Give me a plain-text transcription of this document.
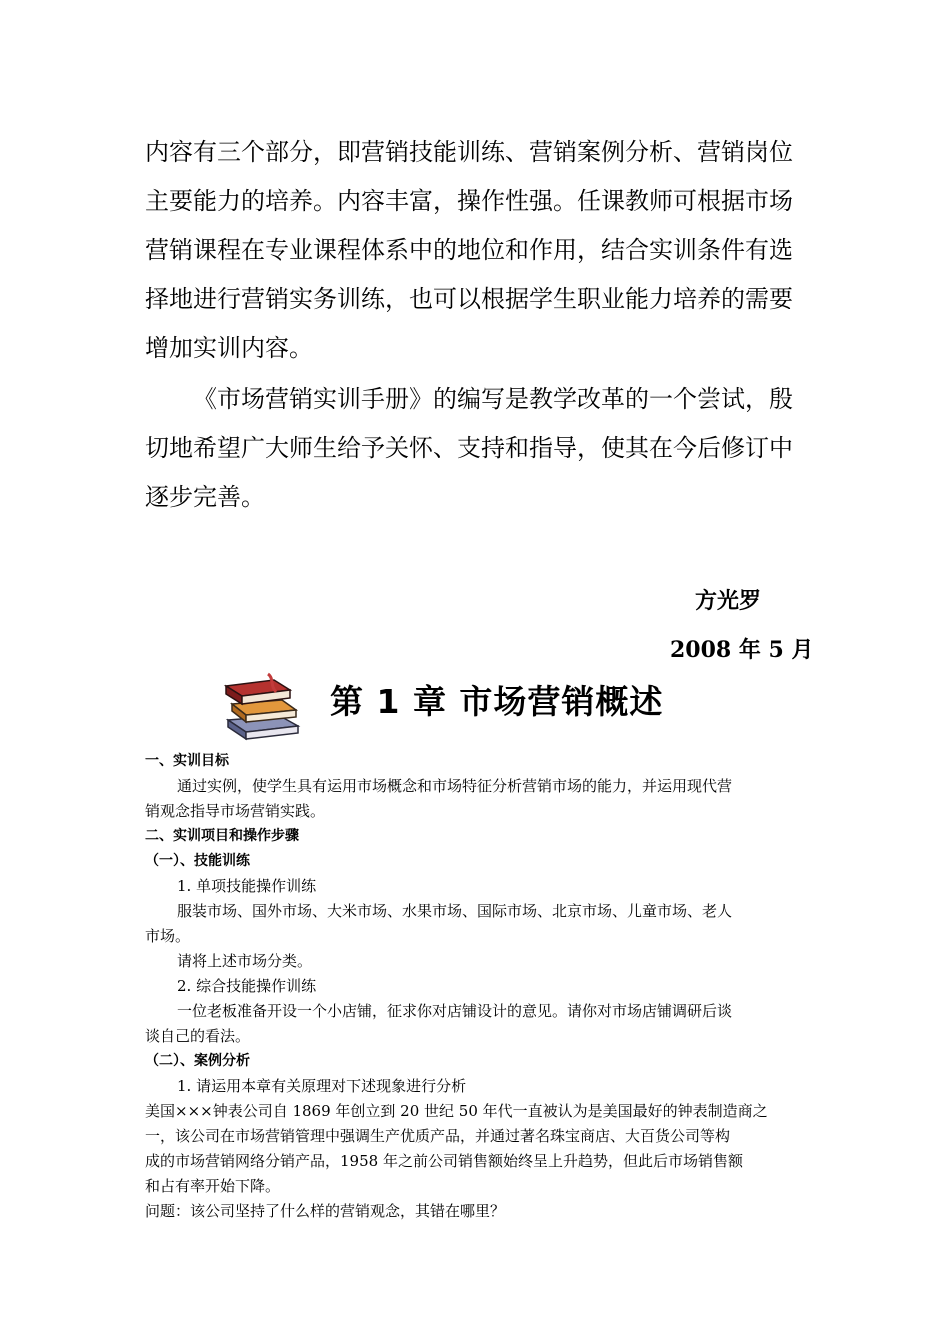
内容有三个部分，即营销技能训练、营销案例分析、营销岗位

主要能力的培养。内容丰富，操作性强。任课教师可根据市场

营销课程在专业课程体系中的地位和作用，结合实训条件有选

择地进行营销实务训练，也可以根据学生职业能力培养的需要

增加实训内容。

《市场营销实训手册》的编写是教学改革的一个尝试，殷

切地希望广大师生给予关怀、支持和指导，使其在今后修订中

逐步完善。

方光罗
2008 年 5 月
第 1 章 市场营销概述

一、实训目标

通过实例，使学生具有运用市场概念和市场特征分析营销市场的能力，并运用现代营

销观念指导市场营销实践。

二、实训项目和操作步骤

（一）、技能训练

1. 单项技能操作训练

服装市场、国外市场、大米市场、水果市场、国际市场、北京市场、儿童市场、老人

市场。

请将上述市场分类。

2. 综合技能操作训练

一位老板准备开设一个小店铺，征求你对店铺设计的意见。请你对市场店铺调研后谈

谈自己的看法。

（二）、案例分析

1. 请运用本章有关原理对下述现象进行分析

美国×××钟表公司自 1869 年创立到 20 世纪 50 年代一直被认为是美国最好的钟表制造商之

一，该公司在市场营销管理中强调生产优质产品，并通过著名珠宝商店、大百货公司等构

成的市场营销网络分销产品，1958 年之前公司销售额始终呈上升趋势，但此后市场销售额

和占有率开始下降。

问题：该公司坚持了什么样的营销观念，其错在哪里？
